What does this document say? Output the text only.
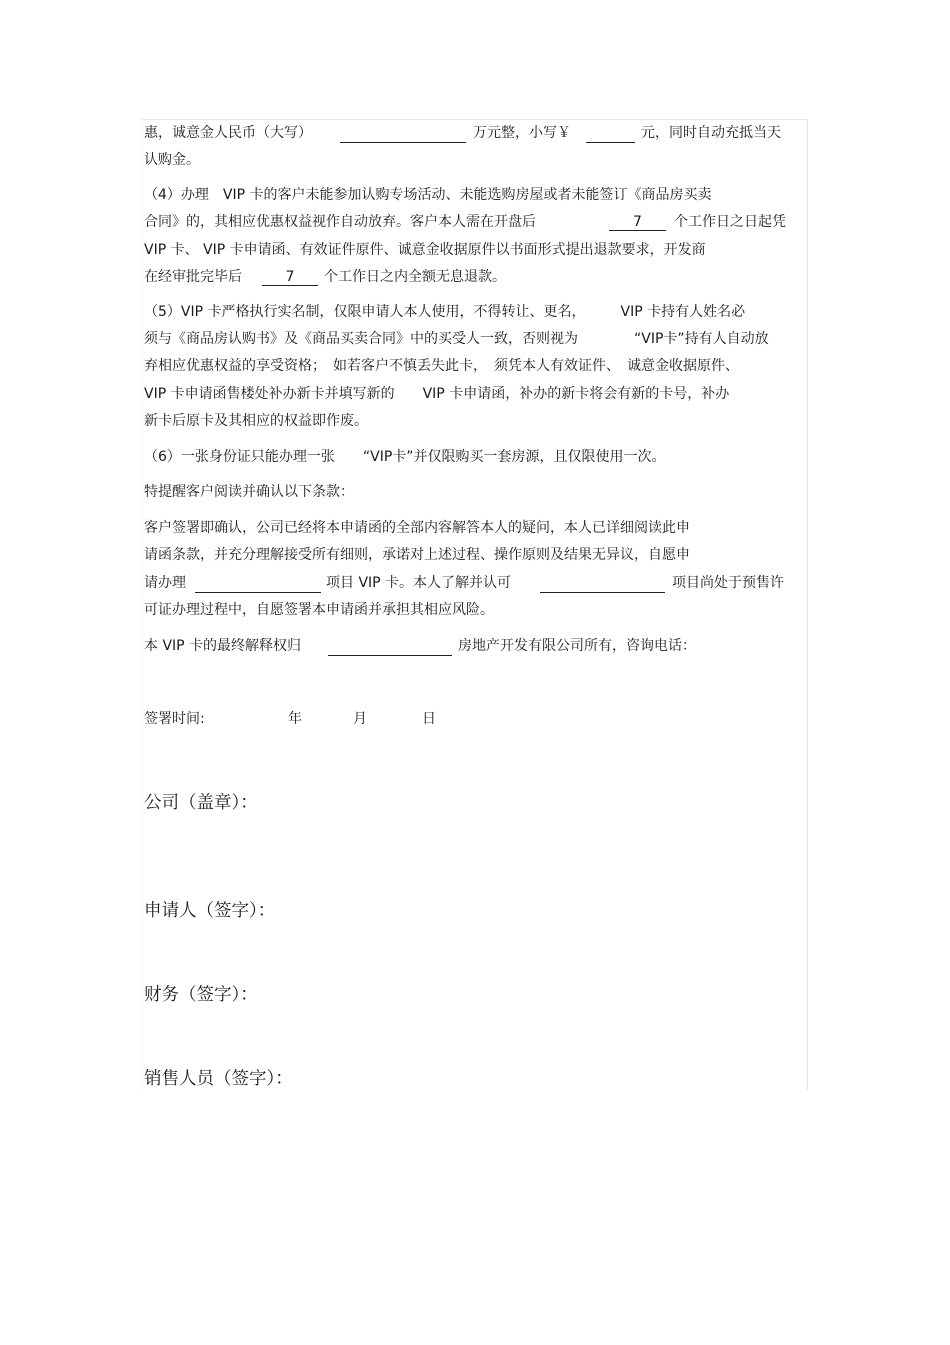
惠，诚意金人民币（大写）	万元整，小写￥	元，同时自动充抵当天
认购金。
（4）办理　VIP 卡的客户未能参加认购专场活动、未能选购房屋或者未能签订《商品房买卖
合同》的，其相应优惠权益视作自动放弃。客户本人需在开盘后	7	个工作日之日起凭
VIP 卡、 VIP 卡申请函、有效证件原件、诚意金收据原件以书面形式提出退款要求，开发商
在经审批完毕后	7	个工作日之内全额无息退款。
（5）VIP 卡严格执行实名制，仅限申请人本人使用，不得转让、更名，　　　VIP 卡持有人姓名必
须与《商品房认购书》及《商品买卖合同》中的买受人一致，否则视为　　　　“VIP卡”持有人自动放
弃相应优惠权益的享受资格；　如若客户不慎丢失此卡，　须凭本人有效证件、　诚意金收据原件、
VIP 卡申请函售楼处补办新卡并填写新的　　VIP 卡申请函，补办的新卡将会有新的卡号，补办
新卡后原卡及其相应的权益即作废。
（6）一张身份证只能办理一张　　“VIP卡”并仅限购买一套房源，且仅限使用一次。
特提醒客户阅读并确认以下条款：
客户签署即确认，公司已经将本申请函的全部内容解答本人的疑问，本人已详细阅读此申
请函条款，并充分理解接受所有细则，承诺对上述过程、操作原则及结果无异议，自愿申
请办理	项目 VIP 卡。本人了解并认可	项目尚处于预售许
可证办理过程中，自愿签署本申请函并承担其相应风险。
本 VIP 卡的最终解释权归	房地产开发有限公司所有，咨询电话：
签署时间:	年	月	日
公司（盖章）：
申请人（签字）：
财务（签字）：
销售人员（签字）：
